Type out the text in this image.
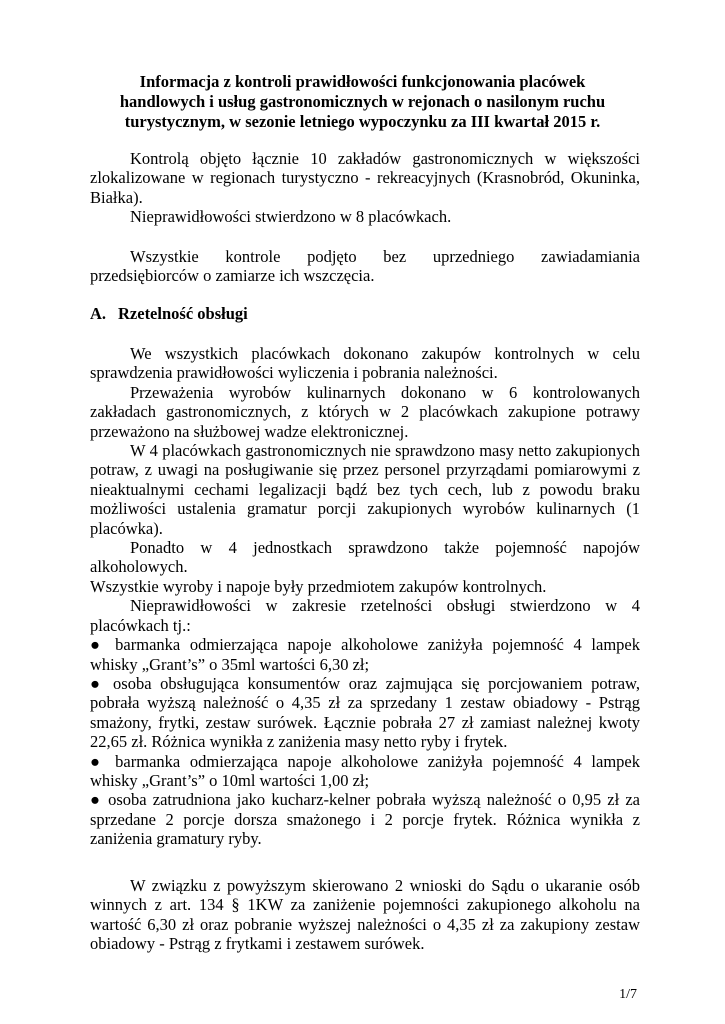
Informacja z kontroli prawidłowości funkcjonowania placówek
handlowych i usług gastronomicznych w rejonach o nasilonym ruchu
turystycznym, w sezonie letniego wypoczynku za III kwartał 2015 r.

Kontrolą objęto łącznie 10 zakładów gastronomicznych w większości zlokalizowane w regionach turystyczno - rekreacyjnych (Krasnobród, Okuninka, Białka).

Nieprawidłowości stwierdzono w 8 placówkach.

Wszystkie kontrole podjęto bez uprzedniego zawiadamiania przedsiębiorców o zamiarze ich wszczęcia.

A. Rzetelność obsługi

We wszystkich placówkach dokonano zakupów kontrolnych w celu sprawdzenia prawidłowości wyliczenia i pobrania należności.

Przeważenia wyrobów kulinarnych dokonano w 6 kontrolowanych zakładach gastronomicznych, z których w 2 placówkach zakupione potrawy przeważono na służbowej wadze elektronicznej.

W 4 placówkach gastronomicznych nie sprawdzono masy netto zakupionych potraw, z uwagi na posługiwanie się przez personel przyrządami pomiarowymi z nieaktualnymi cechami legalizacji bądź bez tych cech, lub z powodu braku możliwości ustalenia gramatur porcji zakupionych wyrobów kulinarnych (1 placówka).

Ponadto w 4 jednostkach sprawdzono także pojemność napojów alkoholowych.

Wszystkie wyroby i napoje były przedmiotem zakupów kontrolnych.

Nieprawidłowości w zakresie rzetelności obsługi stwierdzono w 4 placówkach tj.:

● barmanka odmierzająca napoje alkoholowe zaniżyła pojemność 4 lampek whisky „Grant’s” o 35ml wartości 6,30 zł;

● osoba obsługująca konsumentów oraz zajmująca się porcjowaniem potraw, pobrała wyższą należność o 4,35 zł za sprzedany 1 zestaw obiadowy - Pstrąg smażony, frytki, zestaw surówek. Łącznie pobrała 27 zł zamiast należnej kwoty 22,65 zł. Różnica wynikła z zaniżenia masy netto ryby i frytek.

● barmanka odmierzająca napoje alkoholowe zaniżyła pojemność 4 lampek whisky „Grant’s” o 10ml wartości 1,00 zł;

● osoba zatrudniona jako kucharz-kelner pobrała wyższą należność o 0,95 zł za sprzedane 2 porcje dorsza smażonego i 2 porcje frytek. Różnica wynikła z zaniżenia gramatury ryby.

W związku z powyższym skierowano 2 wnioski do Sądu o ukaranie osób winnych z art. 134 § 1KW za zaniżenie pojemności zakupionego alkoholu na wartość 6,30 zł oraz pobranie wyższej należności o 4,35 zł za zakupiony zestaw obiadowy - Pstrąg z frytkami i zestawem surówek.

1/7
